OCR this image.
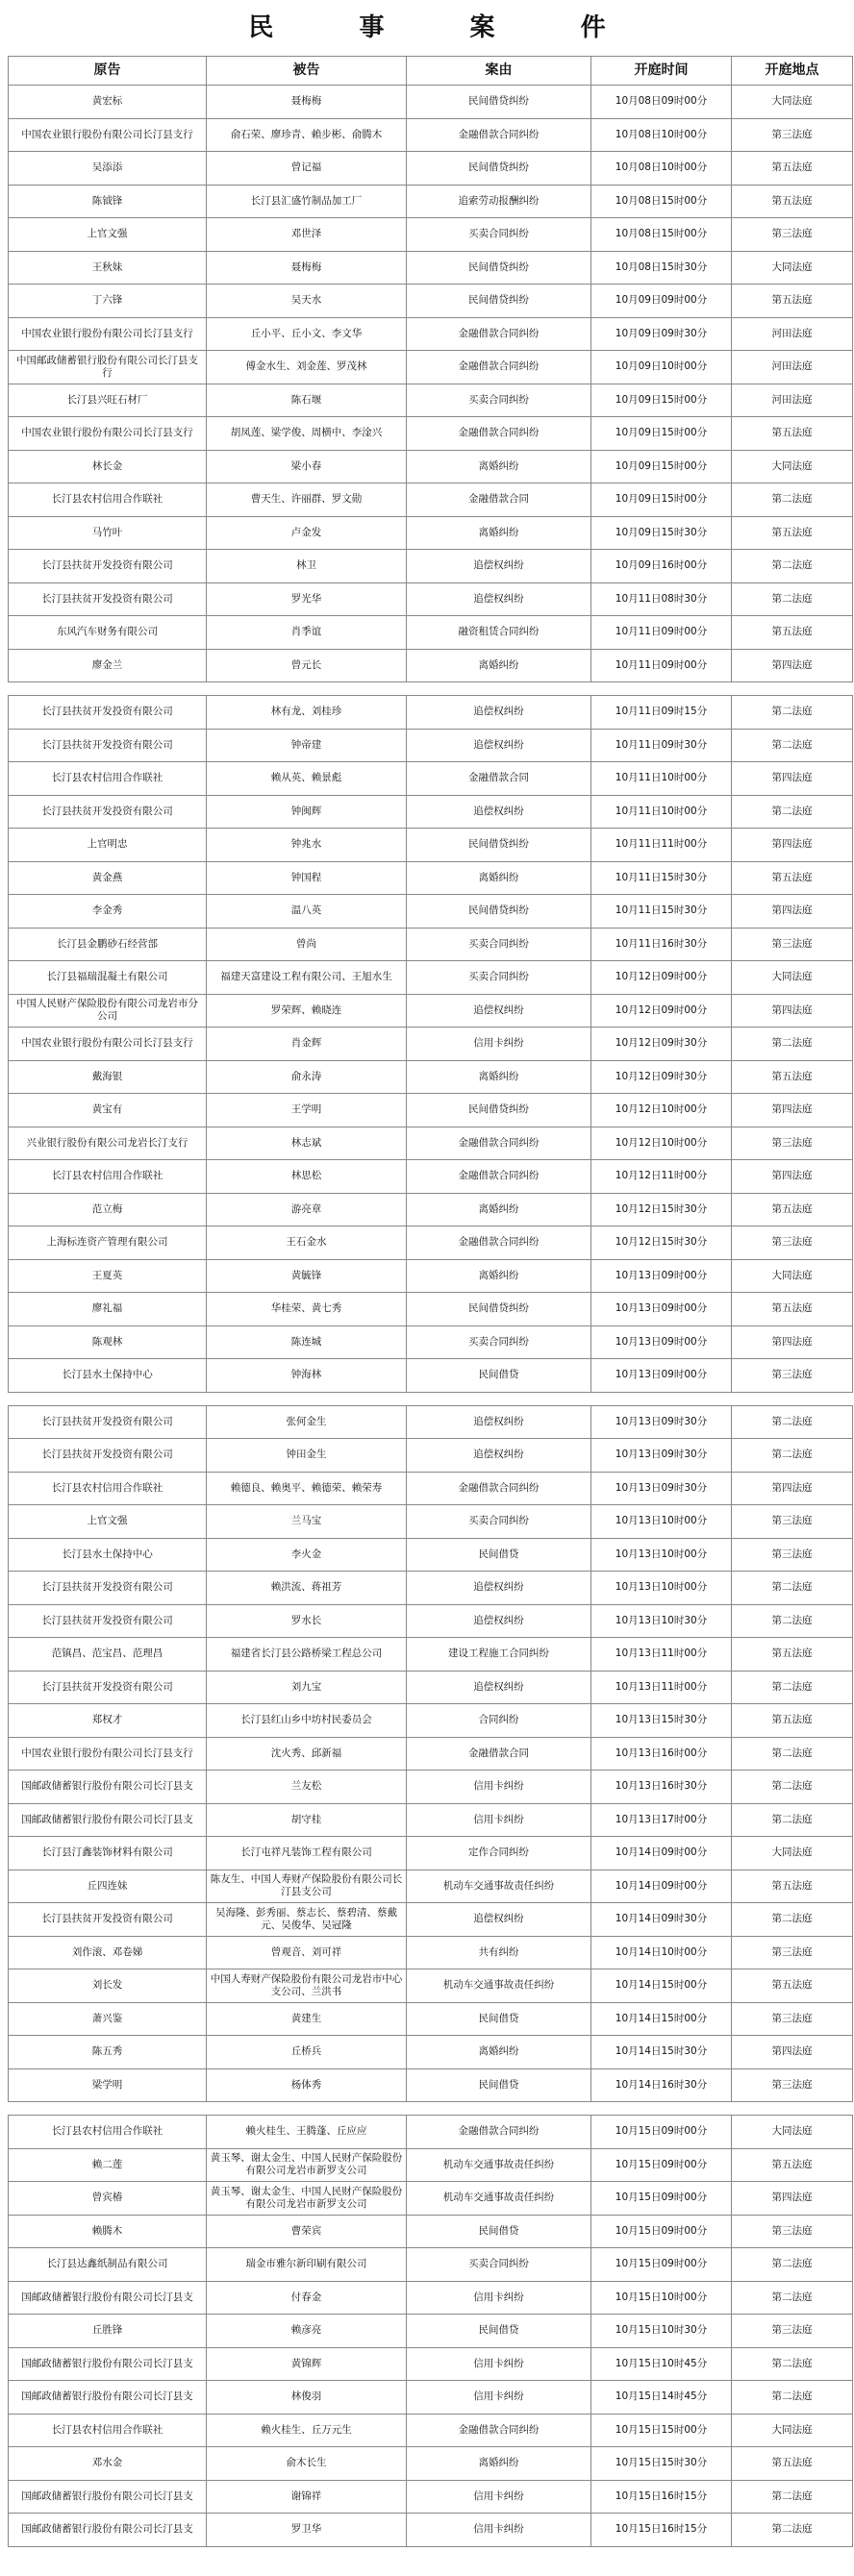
民 事 案 件
原告	被告	案由	开庭时间	开庭地点
黄宏标	聂梅梅	民间借贷纠纷	10月08日09时00分	大同法庭
中国农业银行股份有限公司长汀县支行	俞石荣、廖珍青、賴步彬、俞腾木	金融借款合同纠纷	10月08日10时00分	第三法庭
吴添添	曾记福	民间借贷纠纷	10月08日10时00分	第五法庭
陈钺锋	长汀县汇盛竹制品加工厂	追索劳动报酬纠纷	10月08日15时00分	第五法庭
上官文强	邓世泽	买卖合同纠纷	10月08日15时00分	第三法庭
王秋妹	聂梅梅	民间借贷纠纷	10月08日15时30分	大同法庭
丁六锋	吴天水	民间借贷纠纷	10月09日09时00分	第五法庭
中国农业银行股份有限公司长汀县支行	丘小平、丘小文、李文华	金融借款合同纠纷	10月09日09时30分	河田法庭
中国邮政储蓄银行股份有限公司长汀县支行	傅金水生、刘金莲、罗茂林	金融借款合同纠纷	10月09日10时00分	河田法庭
长汀县兴旺石材厂	陈石堰	买卖合同纠纷	10月09日15时00分	河田法庭
中国农业银行股份有限公司长汀县支行	胡凤莲、梁学俊、周横中、李淦兴	金融借款合同纠纷	10月09日15时00分	第五法庭
林长金	梁小春	离婚纠纷	10月09日15时00分	大同法庭
长汀县农村信用合作联社	曹天生、许丽群、罗文勋	金融借款合同	10月09日15时00分	第二法庭
马竹叶	卢金发	离婚纠纷	10月09日15时30分	第五法庭
长汀县扶贫开发投资有限公司	林卫	追偿权纠纷	10月09日16时00分	第二法庭
长汀县扶贫开发投资有限公司	罗光华	追偿权纠纷	10月11日08时30分	第二法庭
东风汽车财务有限公司	肖季谊	融资租赁合同纠纷	10月11日09时00分	第五法庭
廖金兰	曾元长	离婚纠纷	10月11日09时00分	第四法庭

长汀县扶贫开发投资有限公司	林有龙、刘桂珍	追偿权纠纷	10月11日09时15分	第二法庭
长汀县扶贫开发投资有限公司	钟帝建	追偿权纠纷	10月11日09时30分	第二法庭
长汀县农村信用合作联社	赖从英、赖景彪	金融借款合同	10月11日10时00分	第四法庭
长汀县扶贫开发投资有限公司	钟闽辉	追偿权纠纷	10月11日10时00分	第二法庭
上官明忠	钟兆水	民间借贷纠纷	10月11日11时00分	第四法庭
黄金燕	钟国程	离婚纠纷	10月11日15时30分	第五法庭
李金秀	温八英	民间借贷纠纷	10月11日15时30分	第四法庭
长汀县金鹏砂石经营部	曾尚	买卖合同纠纷	10月11日16时30分	第三法庭
长汀县福瑞混凝土有限公司	福建天富建设工程有限公司、王旭水生	买卖合同纠纷	10月12日09时00分	大同法庭
中国人民财产保险股份有限公司龙岩市分公司	罗荣辉、赖晓连	追偿权纠纷	10月12日09时00分	第四法庭
中国农业银行股份有限公司长汀县支行	肖金辉	信用卡纠纷	10月12日09时30分	第二法庭
戴海银	俞永涛	离婚纠纷	10月12日09时30分	第五法庭
黄宝有	王学明	民间借贷纠纷	10月12日10时00分	第四法庭
兴业银行股份有限公司龙岩长汀支行	林志斌	金融借款合同纠纷	10月12日10时00分	第三法庭
长汀县农村信用合作联社	林思松	金融借款合同纠纷	10月12日11时00分	第四法庭
范立梅	游亮章	离婚纠纷	10月12日15时30分	第五法庭
上海标连资产管理有限公司	王石金水	金融借款合同纠纷	10月12日15时30分	第三法庭
王夏英	黄毓锋	离婚纠纷	10月13日09时00分	大同法庭
廖礼福	华桂荣、黄七秀	民间借贷纠纷	10月13日09时00分	第五法庭
陈观林	陈连城	买卖合同纠纷	10月13日09时00分	第四法庭
长汀县水土保持中心	钟海林	民间借贷	10月13日09时00分	第三法庭

长汀县扶贫开发投资有限公司	张何金生	追偿权纠纷	10月13日09时30分	第二法庭
长汀县扶贫开发投资有限公司	钟田金生	追偿权纠纷	10月13日09时30分	第二法庭
长汀县农村信用合作联社	赖德良、赖奥平、赖德荣、赖荣寿	金融借款合同纠纷	10月13日09时30分	第四法庭
上官文强	兰马宝	买卖合同纠纷	10月13日10时00分	第三法庭
长汀县水土保持中心	李火金	民间借贷	10月13日10时00分	第三法庭
长汀县扶贫开发投资有限公司	赖洪流、蒋祖芳	追偿权纠纷	10月13日10时00分	第二法庭
长汀县扶贫开发投资有限公司	罗水长	追偿权纠纷	10月13日10时30分	第二法庭
范镇昌、范宝昌、范理昌	福建省长汀县公路桥梁工程总公司	建设工程施工合同纠纷	10月13日11时00分	第五法庭
长汀县扶贫开发投资有限公司	刘九宝	追偿权纠纷	10月13日11时00分	第二法庭
郑权才	长汀县红山乡中坊村民委员会	合同纠纷	10月13日15时30分	第五法庭
中国农业银行股份有限公司长汀县支行	沈火秀、邱新福	金融借款合同	10月13日16时00分	第二法庭
国邮政储蓄银行股份有限公司长汀县支	兰友松	信用卡纠纷	10月13日16时30分	第二法庭
国邮政储蓄银行股份有限公司长汀县支	胡守桂	信用卡纠纷	10月13日17时00分	第二法庭
长汀县汀鑫装饰材料有限公司	长汀屯祥凡装饰工程有限公司	定作合同纠纷	10月14日09时00分	大同法庭
丘四连妹	陈友生、中国人寿财产保险股份有限公司长汀县支公司	机动车交通事故责任纠纷	10月14日09时00分	第五法庭
长汀县扶贫开发投资有限公司	吴海隆、彭秀丽、蔡志长、蔡碧清、蔡戴元、吴俊华、吴冠隆	追偿权纠纷	10月14日09时30分	第二法庭
刘作滚、邓卷娣	曾观音、刘可祥	共有纠纷	10月14日10时00分	第三法庭
刘长发	中国人寿财产保险股份有限公司龙岩市中心支公司、兰洪书	机动车交通事故责任纠纷	10月14日15时00分	第五法庭
萧兴鉴	黄建生	民间借贷	10月14日15时00分	第三法庭
陈五秀	丘桥兵	离婚纠纷	10月14日15时30分	第四法庭
梁学明	杨体秀	民间借贷	10月14日16时30分	第三法庭

长汀县农村信用合作联社	赖火桂生、王腾蓬、丘应应	金融借款合同纠纷	10月15日09时00分	大同法庭
赖二莲	黄玉琴、谢太金生、中国人民财产保险股份有限公司龙岩市新罗支公司	机动车交通事故责任纠纷	10月15日09时00分	第五法庭
曾宾椿	黄玉琴、谢太金生、中国人民财产保险股份有限公司龙岩市新罗支公司	机动车交通事故责任纠纷	10月15日09时00分	第四法庭
赖腾木	曹荣宾	民间借贷	10月15日09时00分	第三法庭
长汀县达鑫纸制品有限公司	瑞金市雅尔新印刷有限公司	买卖合同纠纷	10月15日09时00分	第二法庭
国邮政储蓄银行股份有限公司长汀县支	付春金	信用卡纠纷	10月15日10时00分	第二法庭
丘胜锋	赖彦亮	民间借贷	10月15日10时30分	第三法庭
国邮政储蓄银行股份有限公司长汀县支	黄锦辉	信用卡纠纷	10月15日10时45分	第二法庭
国邮政储蓄银行股份有限公司长汀县支	林俊羽	信用卡纠纷	10月15日14时45分	第二法庭
长汀县农村信用合作联社	赖火桂生、丘万元生	金融借款合同纠纷	10月15日15时00分	大同法庭
邓水金	俞木长生	离婚纠纷	10月15日15时30分	第五法庭
国邮政储蓄银行股份有限公司长汀县支	谢锦祥	信用卡纠纷	10月15日16时15分	第二法庭
国邮政储蓄银行股份有限公司长汀县支	罗卫华	信用卡纠纷	10月15日16时15分	第二法庭
